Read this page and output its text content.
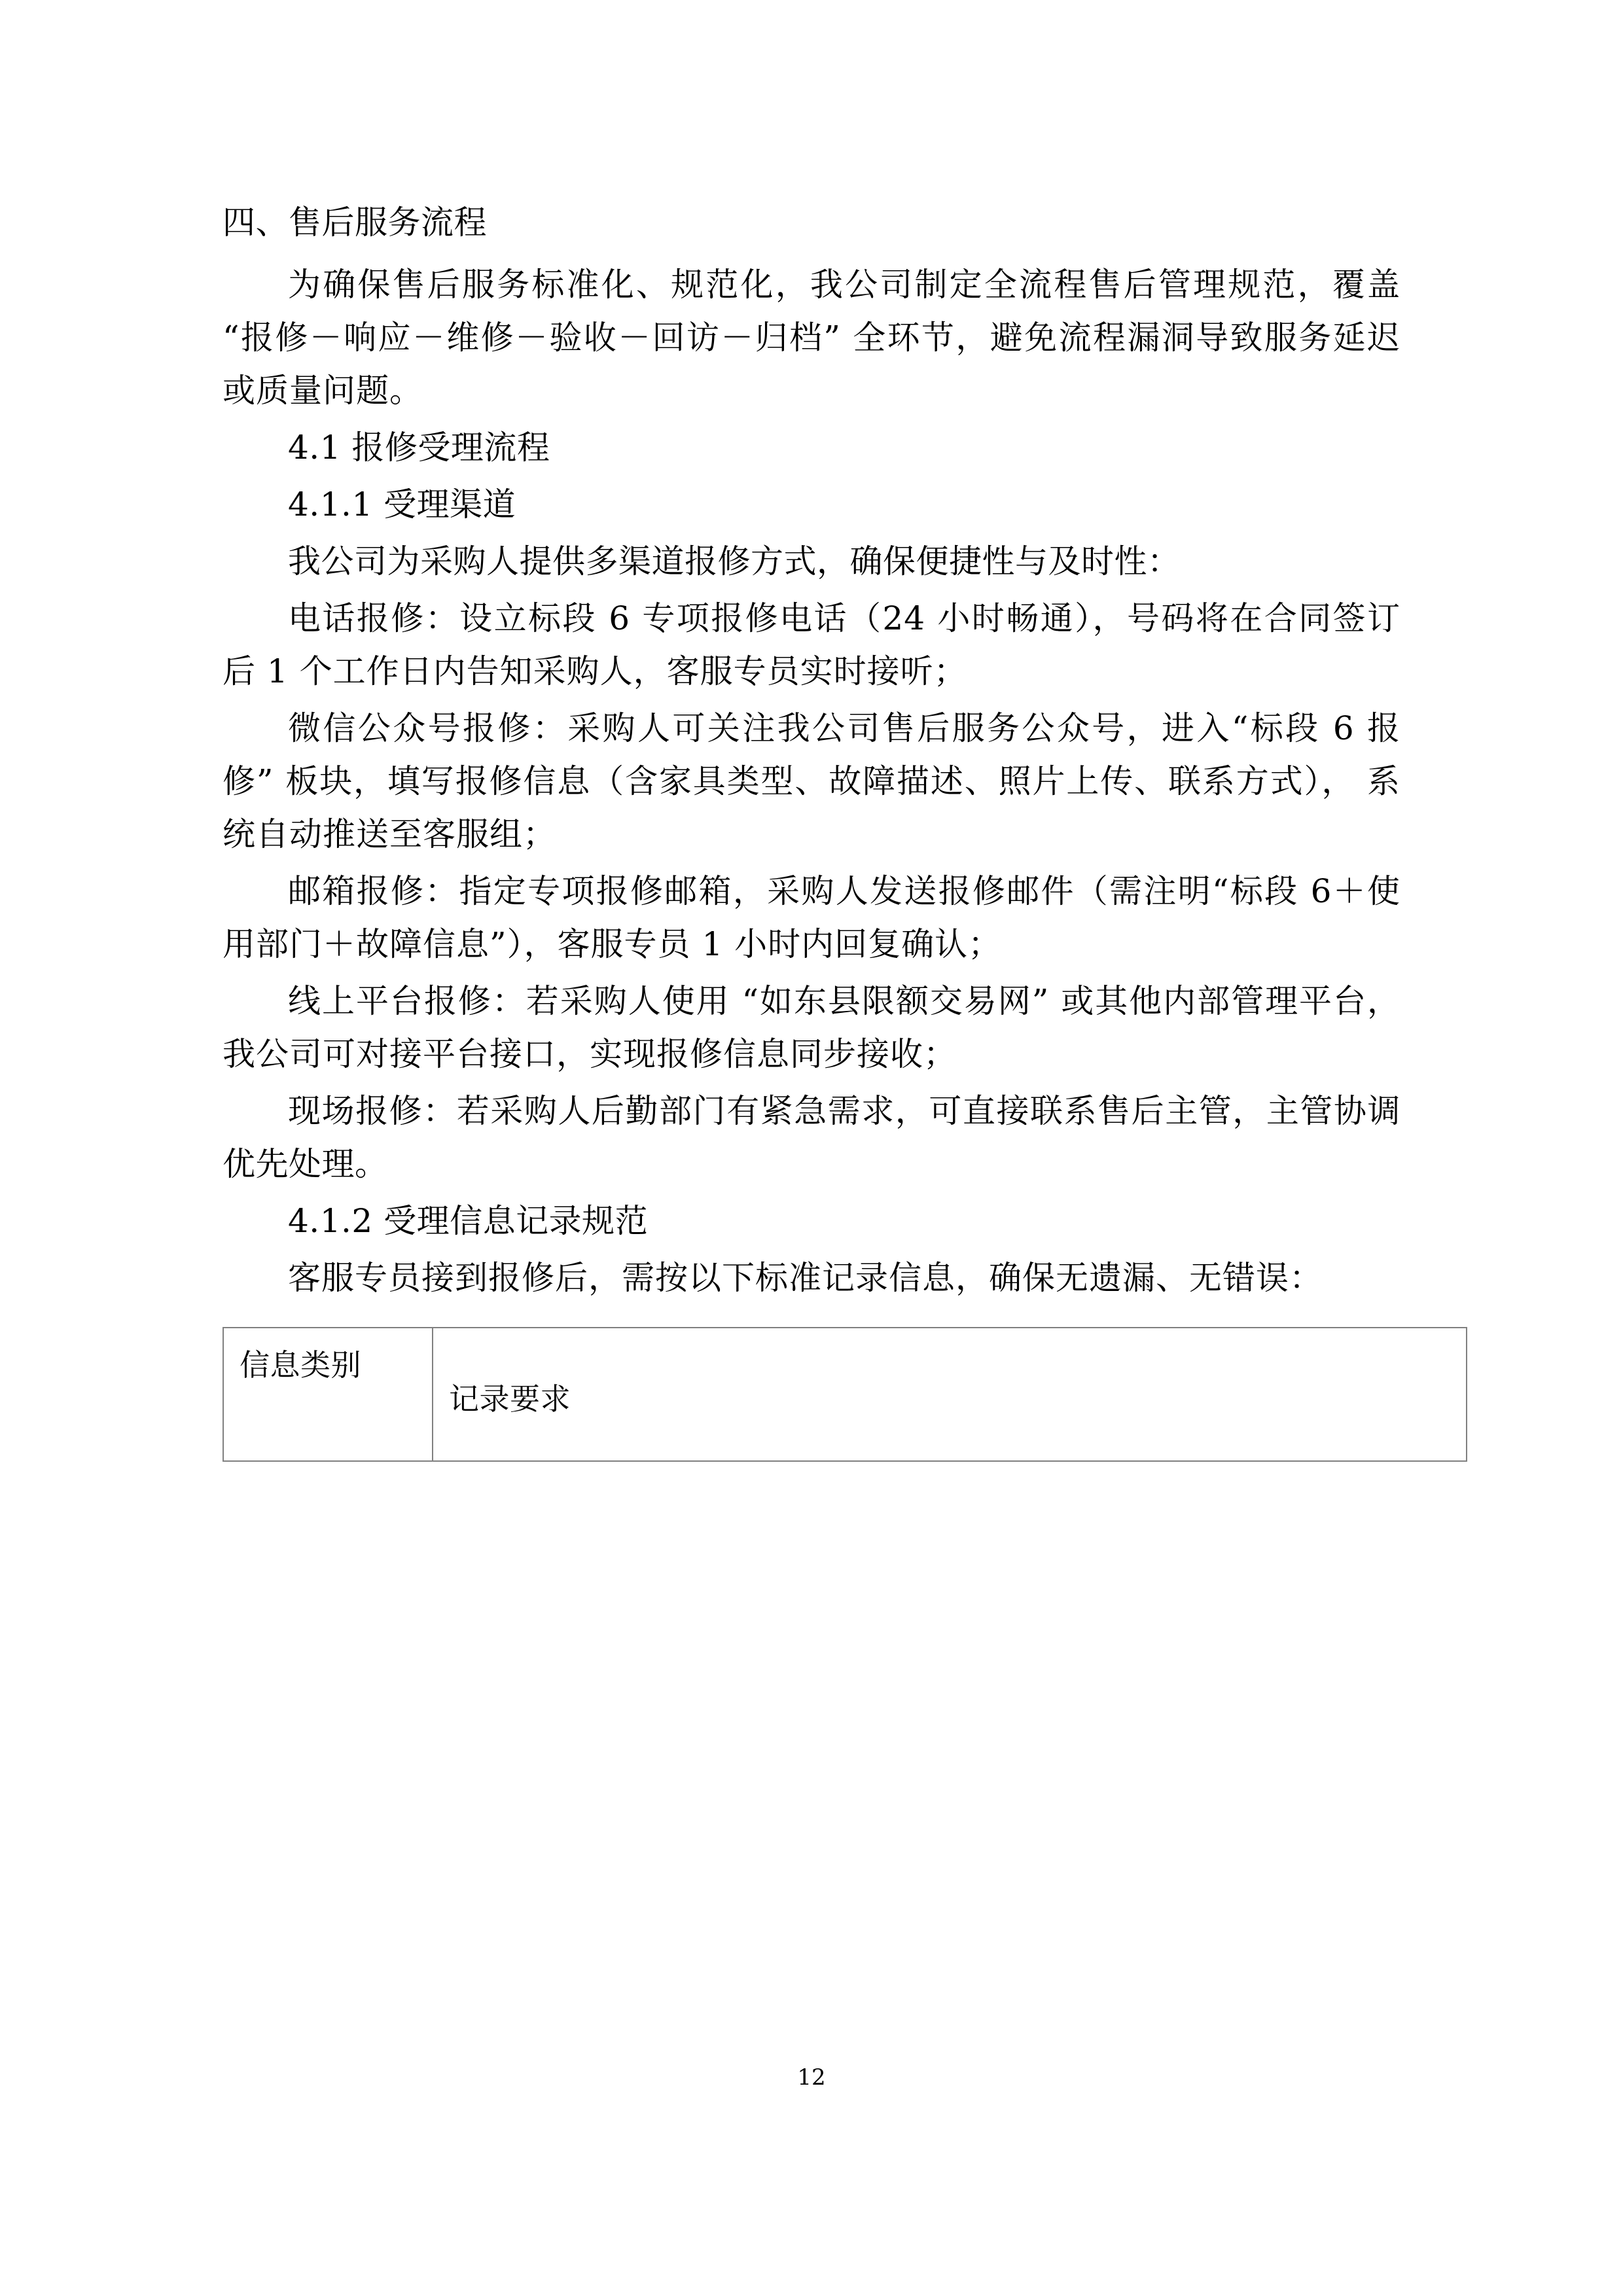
四、售后服务流程

为确保售后服务标准化、规范化，我公司制定全流程售后管理规范，覆盖 “报修－响应－维修－验收－回访－归档” 全环节，避免流程漏洞导致服务延迟或质量问题。

4.1 报修受理流程

4.1.1 受理渠道

我公司为采购人提供多渠道报修方式，确保便捷性与及时性：

电话报修：设立标段 6 专项报修电话（24 小时畅通），号码将在合同签订后 1 个工作日内告知采购人，客服专员实时接听；

微信公众号报修：采购人可关注我公司售后服务公众号，进入“标段 6 报修” 板块，填写报修信息（含家具类型、故障描述、照片上传、联系方式）， 系统自动推送至客服组；

邮箱报修：指定专项报修邮箱，采购人发送报修邮件（需注明“标段 6＋使用部门＋故障信息”），客服专员 1 小时内回复确认；

线上平台报修：若采购人使用 “如东县限额交易网” 或其他内部管理平台，我公司可对接平台接口，实现报修信息同步接收；

现场报修：若采购人后勤部门有紧急需求，可直接联系售后主管，主管协调优先处理。

4.1.2 受理信息记录规范

客服专员接到报修后，需按以下标准记录信息，确保无遗漏、无错误：

信息类别	记录要求
12
